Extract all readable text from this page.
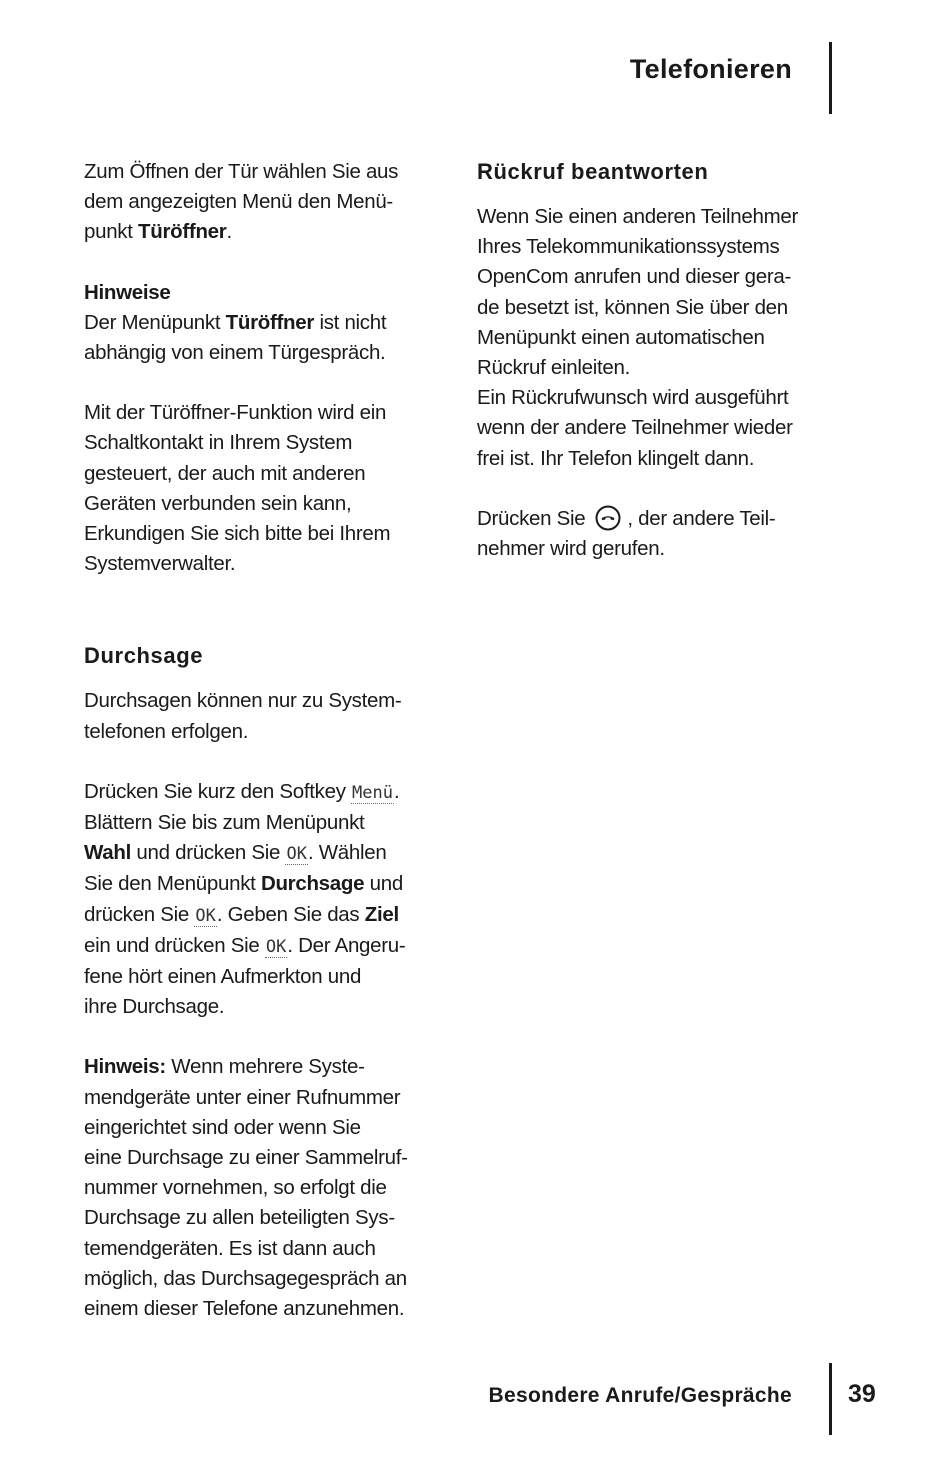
Telefonieren

Zum Öffnen der Tür wählen Sie aus
dem angezeigten Menü den Menü-
punkt Türöffner.

Hinweise
Der Menüpunkt Türöffner ist nicht
abhängig von einem Türgespräch.

Mit der Türöffner-Funktion wird ein
Schaltkontakt in Ihrem System
gesteuert, der auch mit anderen
Geräten verbunden sein kann,
Erkundigen Sie sich bitte bei Ihrem
Systemverwalter.

Durchsage

Durchsagen können nur zu System-
telefonen erfolgen.

Drücken Sie kurz den Softkey Menü.
Blättern Sie bis zum Menüpunkt
Wahl und drücken Sie OK. Wählen
Sie den Menüpunkt Durchsage und
drücken Sie OK. Geben Sie das Ziel
ein und drücken Sie OK. Der Angeru-
fene hört einen Aufmerkton und
ihre Durchsage.

Hinweis: Wenn mehrere Syste-
mendgeräte unter einer Rufnummer
eingerichtet sind oder wenn Sie
eine Durchsage zu einer Sammelruf-
nummer vornehmen, so erfolgt die
Durchsage zu allen beteiligten Sys-
temendgeräten. Es ist dann auch
möglich, das Durchsagegespräch an
einem dieser Telefone anzunehmen.

Rückruf beantworten

Wenn Sie einen anderen Teilnehmer
Ihres Telekommunikationssystems
OpenCom anrufen und dieser gera-
de besetzt ist, können Sie über den
Menüpunkt einen automatischen
Rückruf einleiten.
Ein Rückrufwunsch wird ausgeführt
wenn der andere Teilnehmer wieder
frei ist. Ihr Telefon klingelt dann.

Drücken Sie , der andere Teil-
nehmer wird gerufen.

Besondere Anrufe/Gespräche 39
